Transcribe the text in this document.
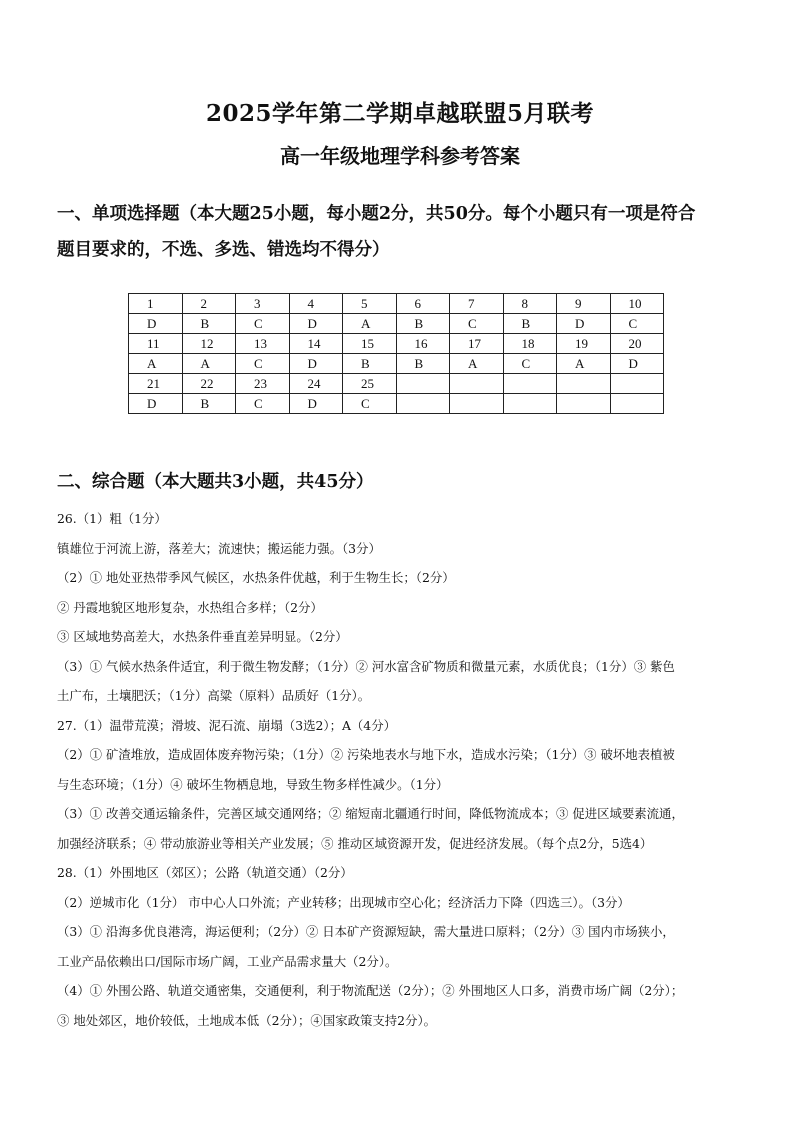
2025学年第二学期卓越联盟5月联考
高一年级地理学科参考答案
一、单项选择题（本大题25小题，每小题2分，共50分。每个小题只有一项是符合
题目要求的，不选、多选、错选均不得分）
1	2	3	4	5	6	7	8	9	10
D	B	C	D	A	B	C	B	D	C
11	12	13	14	15	16	17	18	19	20
A	A	C	D	B	B	A	C	A	D
21	22	23	24	25					
D	B	C	D	C					
二、综合题（本大题共3小题，共45分）

26.（1）粗（1分）

镇雄位于河流上游，落差大；流速快；搬运能力强。（3分）

（2）① 地处亚热带季风气候区，水热条件优越，利于生物生长；（2分）

② 丹霞地貌区地形复杂，水热组合多样；（2分）

③ 区域地势高差大，水热条件垂直差异明显。（2分）

（3）① 气候水热条件适宜，利于微生物发酵；（1分）② 河水富含矿物质和微量元素，水质优良；（1分）③ 紫色

土广布，土壤肥沃；（1分）高粱（原料）品质好（1分）。

27.（1）温带荒漠；滑坡、泥石流、崩塌（3选2）；A（4分）

（2）① 矿渣堆放，造成固体废弃物污染；（1分）② 污染地表水与地下水，造成水污染；（1分）③ 破坏地表植被

与生态环境；（1分）④ 破坏生物栖息地，导致生物多样性减少。（1分）

（3）① 改善交通运输条件，完善区域交通网络；② 缩短南北疆通行时间，降低物流成本；③ 促进区域要素流通，

加强经济联系；④ 带动旅游业等相关产业发展；⑤ 推动区域资源开发，促进经济发展。（每个点2分，5选4）

28.（1）外围地区（郊区）；公路（轨道交通）（2分）

（2）逆城市化（1分） 市中心人口外流；产业转移；出现城市空心化；经济活力下降（四选三）。（3分）

（3）① 沿海多优良港湾，海运便利；（2分）② 日本矿产资源短缺，需大量进口原料；（2分）③ 国内市场狭小，

工业产品依赖出口/国际市场广阔，工业产品需求量大（2分）。

（4）① 外围公路、轨道交通密集，交通便利，利于物流配送（2分）；② 外围地区人口多，消费市场广阔（2分）；

③ 地处郊区，地价较低，土地成本低（2分）；④国家政策支持2分）。
